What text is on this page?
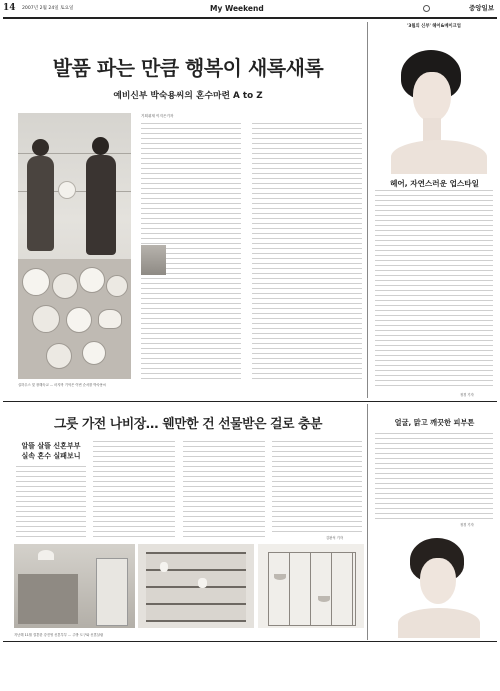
14 2007년 2월 24일 토요일	My Weekend	중앙일보
발품 파는 만큼 행복이 새록새록
예비신부 박숙용씨의 혼수마련 A to Z
실하우스 및 장해숙교 … 마지막 기억은 이번 순서를 박숙용씨
기획취재 이지은기자
'3월의 신부' 헤어&메이크업
헤어, 자연스러운 업스타일
정경 기자
그릇 가전 나비장… 웬만한 건 선물받은 걸로 충분
알뜰 살뜰 신혼부부
실속 혼수 실패보니
김완석 기자
지난해 11월 결혼한 강진영 신혼부부 … 주방 도구와 신혼살림
얼굴, 맑고 깨끗한 피부톤
정경 기자
